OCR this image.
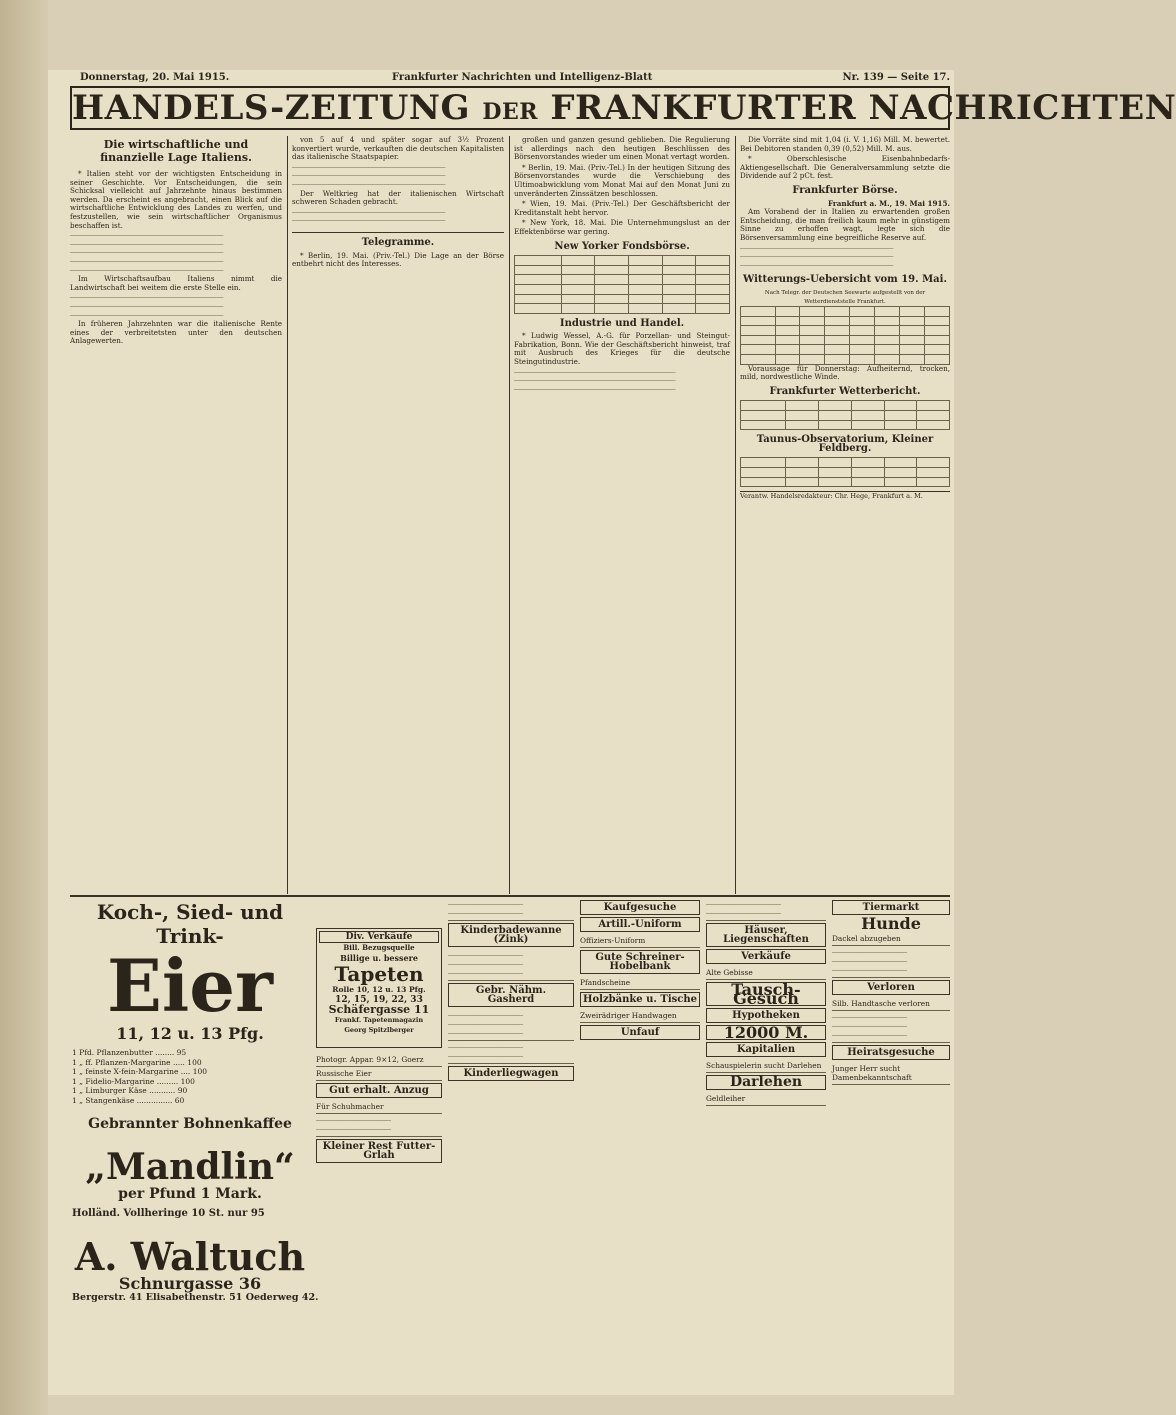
Donnerstag, 20. Mai 1915.	Frankfurter Nachrichten und Intelligenz-Blatt	Nr. 139 — Seite 17.
HANDELS-ZEITUNG DER FRANKFURTER NACHRICHTEN
Die wirtschaftliche und finanzielle Lage Italiens.

* Italien steht vor der wichtigsten Entscheidung in seiner Geschichte. Vor Entscheidungen, die sein Schicksal vielleicht auf Jahrzehnte hinaus bestimmen werden. Da erscheint es angebracht, einen Blick auf die wirtschaftliche Entwicklung des Landes zu werfen, und festzustellen, wie sein wirtschaftlicher Organismus beschaffen ist.

────────────────────────────────────── ────────────────────────────────────── ────────────────────────────────────── ────────────────────────────────────── ──────────────────────────────────────

Im Wirtschaftsaufbau Italiens nimmt die Landwirtschaft bei weitem die erste Stelle ein.

────────────────────────────────────── ────────────────────────────────────── ──────────────────────────────────────

In früheren Jahrzehnten war die italienische Rente eines der verbreitetsten unter den deutschen Anlagewerten.

von 5 auf 4 und später sogar auf 3½ Prozent konvertiert wurde, verkauften die deutschen Kapitalisten das italienische Staatspapier.

────────────────────────────────────── ────────────────────────────────────── ──────────────────────────────────────

Der Weltkrieg hat der italienischen Wirtschaft schweren Schaden gebracht.

────────────────────────────────────── ──────────────────────────────────────
Telegramme.

* Berlin, 19. Mai. (Priv.-Tel.) Die Lage an der Börse entbehrt nicht des Interesses.

großen und ganzen gesund geblieben. Die Regulierung ist allerdings nach den heutigen Beschlüssen des Börsenvorstandes wieder um einen Monat vertagt worden.

* Berlin, 19. Mai. (Priv.-Tel.) In der heutigen Sitzung des Börsenvorstandes wurde die Verschiebung des Ultimoabwicklung vom Monat Mai auf den Monat Juni zu unveränderten Zinssätzen beschlossen.

* Wien, 19. Mai. (Priv.-Tel.) Der Geschäftsbericht der Kreditanstalt hebt hervor.

* New York, 18. Mai. Die Unternehmungslust an der Effektenbörse war gering.

New Yorker Fondsbörse.

Industrie und Handel.

* Ludwig Wessel, A.-G. für Porzellan- und Steingut-Fabrikation, Bonn. Wie der Geschäftsbericht hinweist, traf mit Ausbruch des Krieges für die deutsche Steingutindustrie.

──────────────────────────────────────── ──────────────────────────────────────── ────────────────────────────────────────

Die Vorräte sind mit 1,04 (i. V. 1,16) Mill. M. bewertet. Bei Debitoren standen 0,39 (0,52) Mill. M. aus.

* Oberschlesische Eisenbahnbedarfs-Aktiengesellschaft. Die Generalversammlung setzte die Dividende auf 2 pCt. fest.

Frankfurter Börse.
Frankfurt a. M., 19. Mai 1915.

Am Vorabend der in Italien zu erwartenden großen Entscheidung, die man freilich kaum mehr in günstigem Sinne zu erhoffen wagt, legte sich die Börsenversammlung eine begreifliche Reserve auf.

────────────────────────────────────── ────────────────────────────────────── ──────────────────────────────────────
Witterungs-Uebersicht vom 19. Mai.
Nach Telegr. der Deutschen Seewarte aufgestellt von der Wetterdienststelle Frankfurt.

Voraussage für Donnerstag: Aufheiternd, trocken, mild, nordwestliche Winde.

Frankfurter Wetterbericht.

Taunus-Observatorium, Kleiner Feldberg.

Verantw. Handelsredakteur: Chr. Hege, Frankfurt a. M.
Koch-, Sied- und Trink-
Eier
11, 12 u. 13 Pfg.
1 Pfd. Pflanzenbutter ........ 95
1 „ ff. Pflanzen-Margarine ..... 100
1 „ feinste X-fein-Margarine .... 100
1 „ Fidelio-Margarine ......... 100
1 „ Limburger Käse ........... 90
1 „ Stangenkäse ............... 60
Gebrannter Bohnenkaffee
„Mandlin“
per Pfund 1 Mark.
Holländ. Vollheringe 10 St. nur 95
A. Waltuch
Schnurgasse 36
Bergerstr. 41 Elisabethenstr. 51 Oederweg 42.
Div. Verkäufe
Bill. Bezugsquelle
Billige u. bessere
Tapeten
Rolle 10, 12 u. 13 Pfg.
12, 15, 19, 22, 33
Schäfergasse 11
Frankf. Tapetenmagazin
Georg Spitzlberger
Photogr. Appar. 9×12, Goerz
Russische Eier
Gut erhalt. Anzug
Für Schuhmacher
────────────────── ──────────────────
Kleiner Rest Futter-Grlah
────────────────── ──────────────────
Kinderbadewanne (Zink)
────────────────── ────────────────── ──────────────────
Gebr. Nähm. Gasherd
────────────────── ────────────────── ──────────────────
────────────────── ──────────────────
Kinderliegwagen
Kaufgesuche
Artill.-Uniform
Offiziers-Uniform
Gute Schreiner-Hobelbank
Pfandscheine
Holzbänke u. Tische
Zweirädriger Handwagen
Unfauf
────────────────── ──────────────────
Häuser, Liegenschaften
Verkäufe
Alte Gebisse
Tausch-Gesuch
Hypotheken
12000 M.
Kapitalien
Schauspielerin sucht Darlehen
Darlehen
Geldleiher
Tiermarkt
Hunde
Dackel abzugeben
────────────────── ────────────────── ──────────────────
Verloren
Silb. Handtasche verloren
────────────────── ────────────────── ──────────────────
Heiratsgesuche
Junger Herr sucht Damenbekanntschaft
